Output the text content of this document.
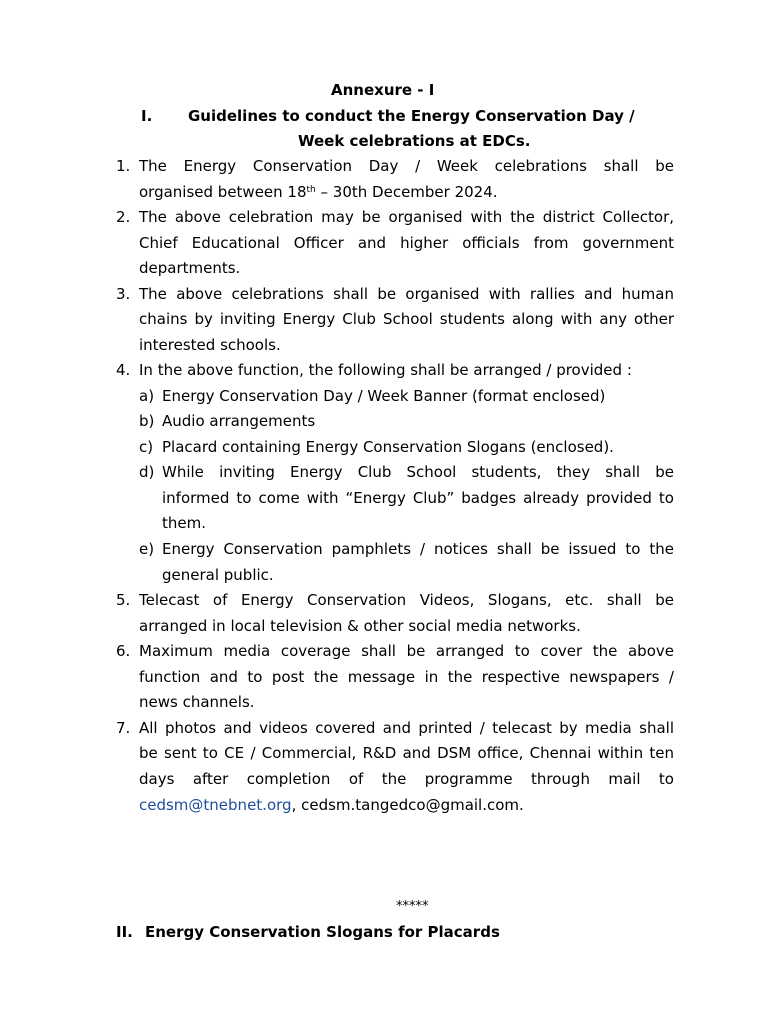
Annexure - I
I. Guidelines to conduct the Energy Conservation Day /
Week celebrations at EDCs.
1. The Energy Conservation Day / Week celebrations shall be
organised between 18th – 30th December 2024.
2. The above celebration may be organised with the district Collector,
Chief Educational Officer and higher officials from government
departments.
3. The above celebrations shall be organised with rallies and human
chains by inviting Energy Club School students along with any other
interested schools.
4. In the above function, the following shall be arranged / provided :
a) Energy Conservation Day / Week Banner (format enclosed)
b) Audio arrangements
c) Placard containing Energy Conservation Slogans (enclosed).
d) While inviting Energy Club School students, they shall be
informed to come with “Energy Club” badges already provided to
them.
e) Energy Conservation pamphlets / notices shall be issued to the
general public.
5. Telecast of Energy Conservation Videos, Slogans, etc. shall be
arranged in local television & other social media networks.
6. Maximum media coverage shall be arranged to cover the above
function and to post the message in the respective newspapers /
news channels.
7. All photos and videos covered and printed / telecast by media shall
be sent to CE / Commercial, R&D and DSM office, Chennai within ten
days after completion of the programme through mail to
cedsm@tnebnet.org, cedsm.tangedco@gmail.com.
*****
II. Energy Conservation Slogans for Placards
